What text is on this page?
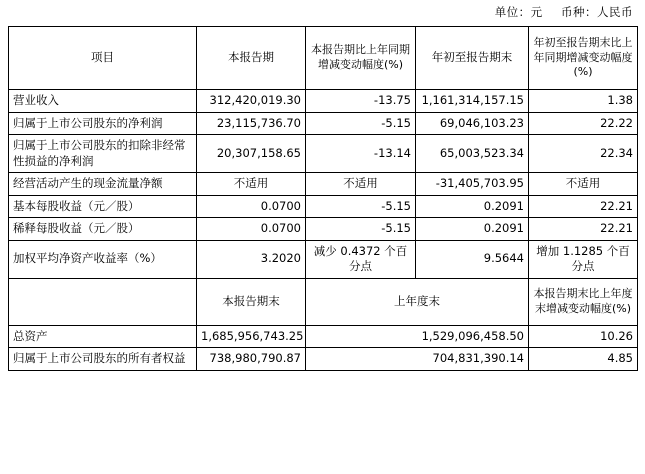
单位：元 币种：人民币
项目	本报告期	本报告期比上年同期增减变动幅度(%)	年初至报告期末	年初至报告期末比上年同期增减变动幅度(%)
营业收入	312,420,019.30	-13.75	1,161,314,157.15	1.38
归属于上市公司股东的净利润	23,115,736.70	-5.15	69,046,103.23	22.22
归属于上市公司股东的扣除非经常性损益的净利润	20,307,158.65	-13.14	65,003,523.34	22.34
经营活动产生的现金流量净额	不适用	不适用	-31,405,703.95	不适用
基本每股收益（元／股）	0.0700	-5.15	0.2091	22.21
稀释每股收益（元／股）	0.0700	-5.15	0.2091	22.21
加权平均净资产收益率（%）	3.2020	减少 0.4372 个百分点	9.5644	增加 1.1285 个百分点
	本报告期末	上年度末		本报告期末比上年度末增减变动幅度(%)
总资产	1,685,956,743.25	1,529,096,458.50		10.26
归属于上市公司股东的所有者权益	738,980,790.87	704,831,390.14		4.85
